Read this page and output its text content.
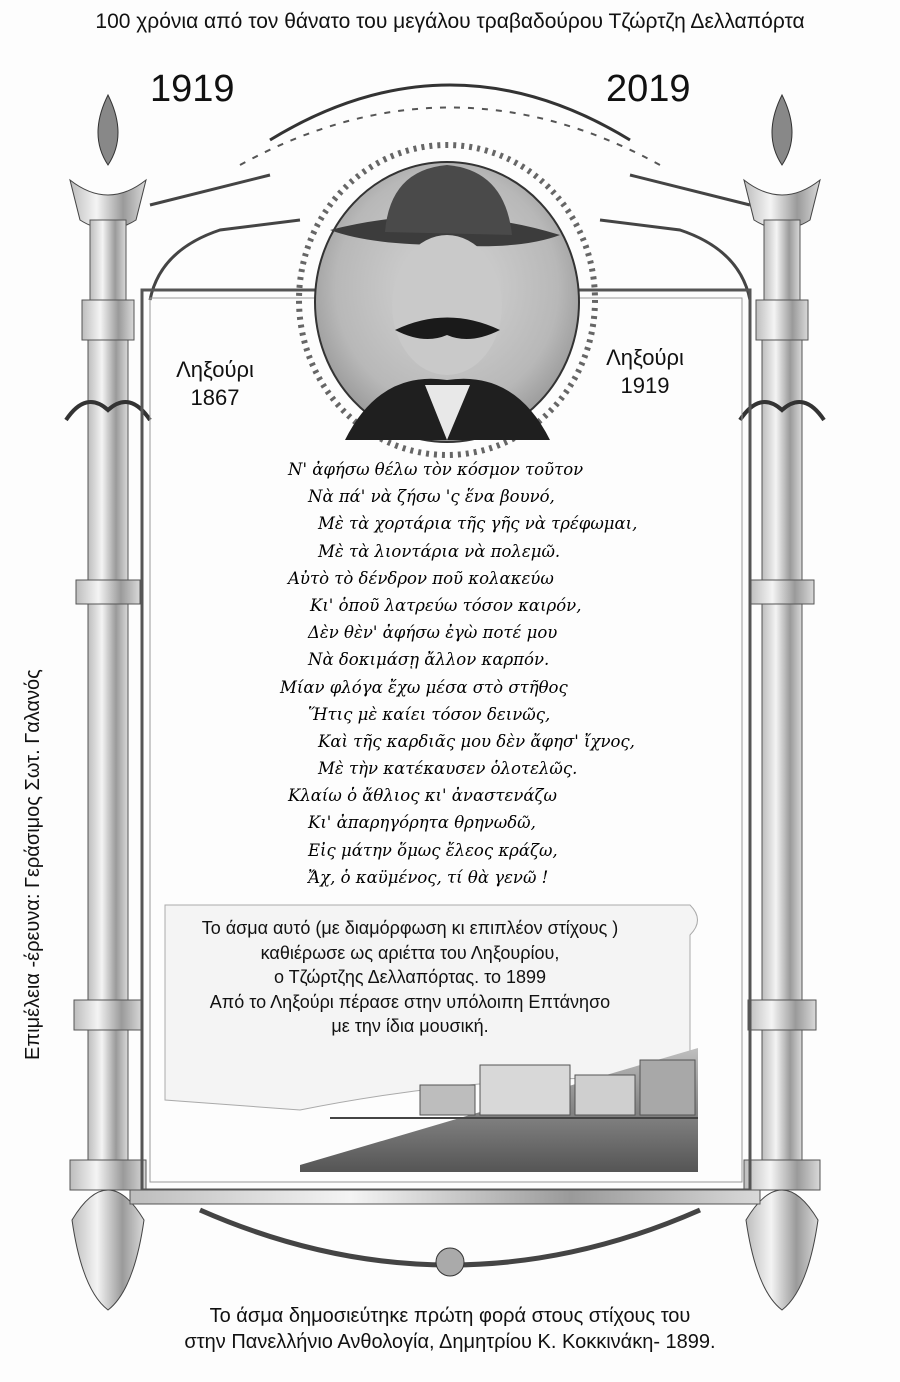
100 χρόνια από τον θάνατο του μεγάλου τραβαδούρου Τζώρτζη Δελλαπόρτα
1919	2019
Ληξούρι
1867
Ληξούρι
1919
Ν' ἀφήσω θέλω τὸν κόσμον τοῦτον
Νὰ πά' νὰ ζήσω 'ς ἕνα βουνό,
Μὲ τὰ χορτάρια τῆς γῆς νὰ τρέφωμαι,
Μὲ τὰ λιοντάρια νὰ πολεμῶ.
Αὐτὸ τὸ δένδρον ποῦ κολακεύω
Κι' ὁποῦ λατρεύω τόσον καιρόν,
Δὲν θὲν' ἀφήσω ἐγὼ ποτέ μου
Νὰ δοκιμάσῃ ἄλλον καρπόν.
Μίαν φλόγα ἔχω μέσα στὸ στῆθος
Ἥτις μὲ καίει τόσον δεινῶς,
Καὶ τῆς καρδιᾶς μου δὲν ἄφησ' ἴχνος,
Μὲ τὴν κατέκαυσεν ὁλοτελῶς.
Κλαίω ὁ ἄθλιος κι' ἀναστενάζω
Κι' ἀπαρηγόρητα θρηνωδῶ,
Εἰς μάτην ὅμως ἔλεος κράζω,
Ἄχ, ὁ καϋμένος, τί θὰ γενῶ !
Το άσμα αυτό (με διαμόρφωση κι επιπλέον στίχους )
καθιέρωσε ως αριέττα του Ληξουρίου,
ο Τζώρτζης Δελλαπόρτας. το 1899
Από το Ληξούρι πέρασε στην υπόλοιπη Επτάνησο
με την ίδια μουσική.
Επιμέλεια -έρευνα: Γεράσιμος Σωτ. Γαλανός
Το άσμα δημοσιεύτηκε πρώτη φορά στους στίχους του
στην Πανελλήνιο Ανθολογία, Δημητρίου Κ. Κοκκινάκη- 1899.
